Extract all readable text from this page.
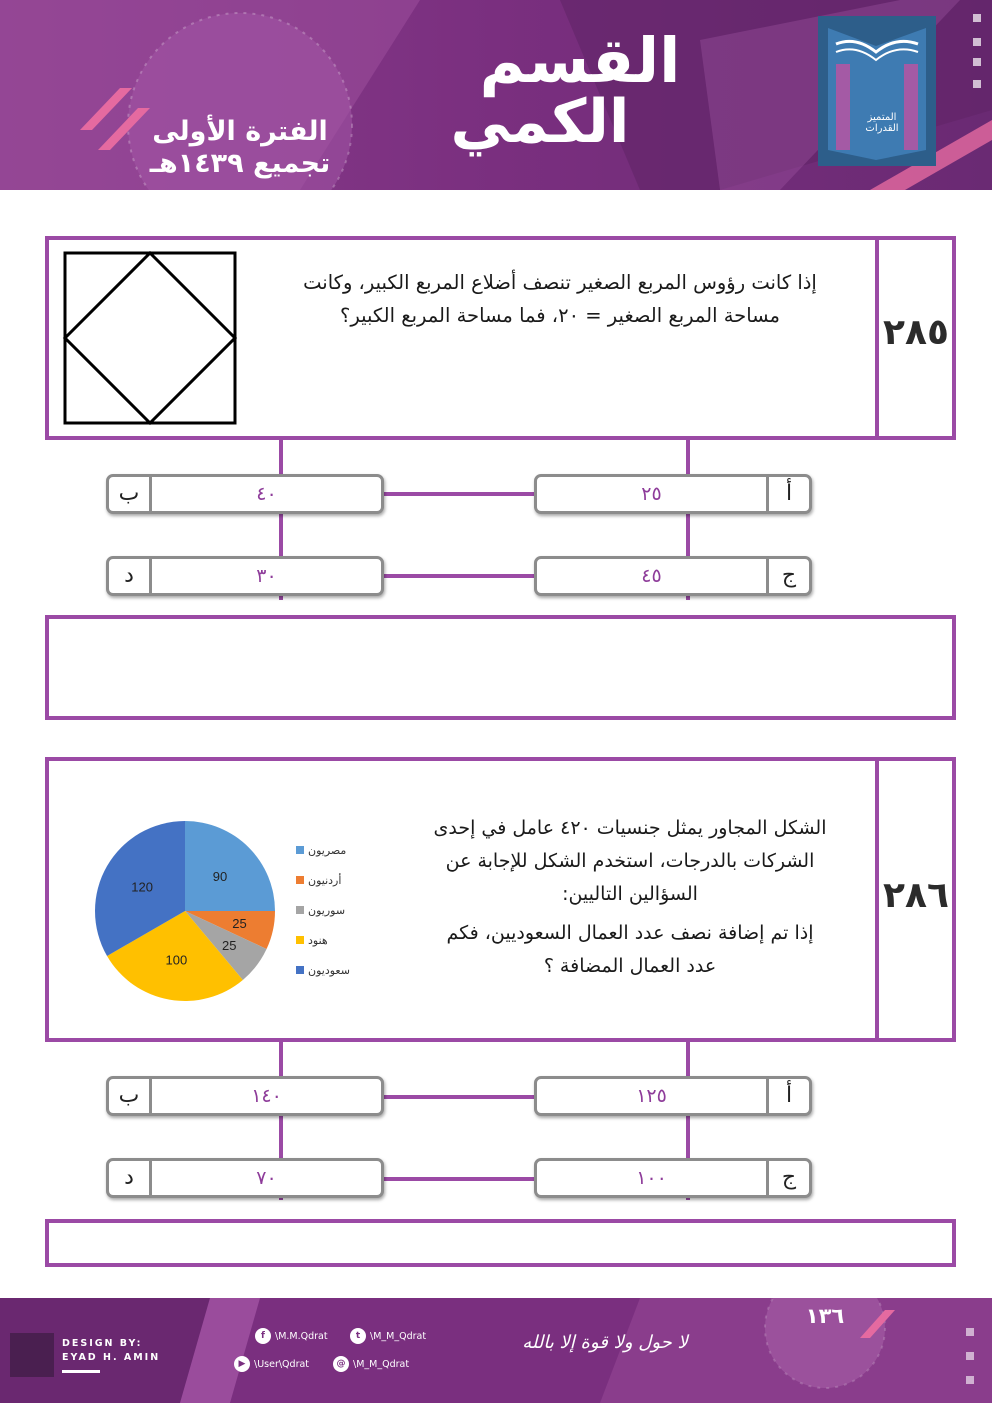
القسم
الكمي
الفترة الأولى
تجميع ١٤٣٩هـ
المتميز القدرات
٢٨٥
إذا كانت رؤوس المربع الصغير تنصف أضلاع المربع الكبير، وكانت
مساحة المربع الصغير = ٢٠، فما مساحة المربع الكبير؟
أ
٢٥
ب	٤٠
ج
٤٥
د	٣٠
٢٨٦
الشكل المجاور يمثل جنسيات ٤٢٠ عامل في إحدى
الشركات بالدرجات، استخدم الشكل للإجابة عن
السؤالين التاليين:
إذا تم إضافة نصف عدد العمال السعوديين، فكم
عدد العمال المضافة ؟
90
25
25
100
120
مصريون
أردنيون
سوريون
هنود
سعوديون
أ
١٢٥
ب	١٤٠
ج
١٠٠
د	٧٠
DESIGN BY:
EYAD H. AMIN
f	\M.M.Qdrat	t	\M_M_Qdrat
▶ \User\Qdrat	@ \M_M_Qdrat
لا حول ولا قوة إلا بالله
١٣٦
